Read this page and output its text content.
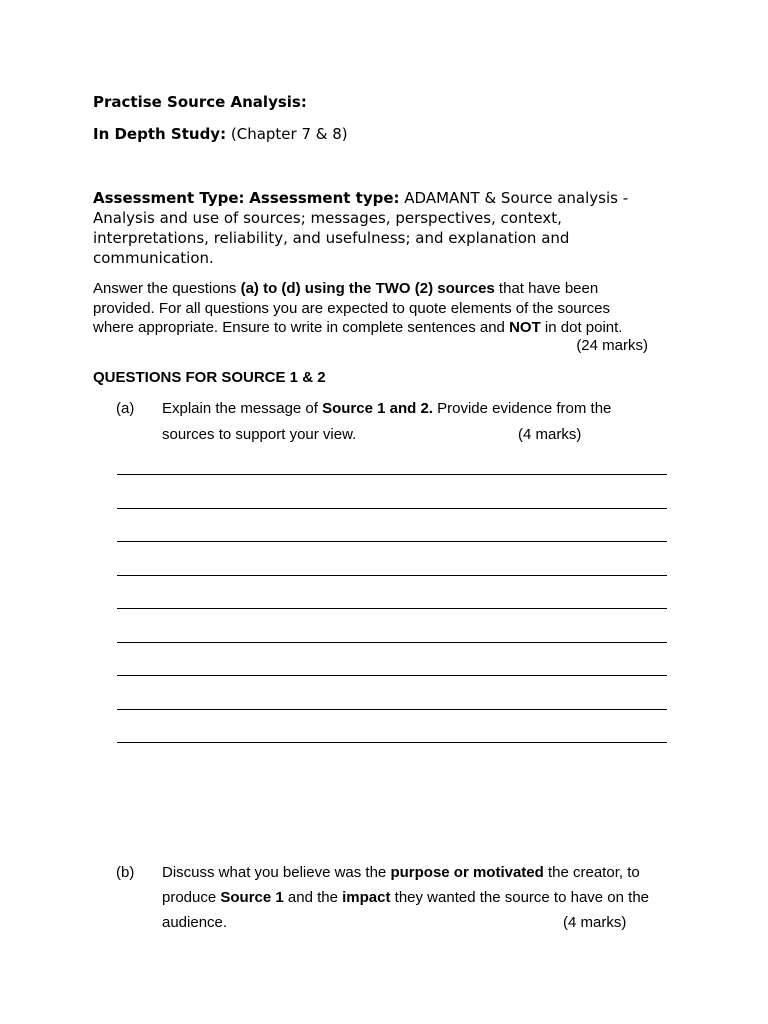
Practise Source Analysis:

In Depth Study: (Chapter 7 & 8)

Assessment Type: Assessment type: ADAMANT & Source analysis - Analysis and use of sources; messages, perspectives, context, interpretations, reliability, and usefulness; and explanation and communication.

Answer the questions (a) to (d) using the TWO (2) sources that have been provided. For all questions you are expected to quote elements of the sources where appropriate. Ensure to write in complete sentences and NOT in dot point.

(24 marks)

QUESTIONS FOR SOURCE 1 & 2

(a) Explain the message of Source 1 and 2. Provide evidence from the

sources to support your view.	(4 marks)

(b) Discuss what you believe was the purpose or motivated the creator, to

produce Source 1 and the impact they wanted the source to have on the

audience.	(4 marks)
